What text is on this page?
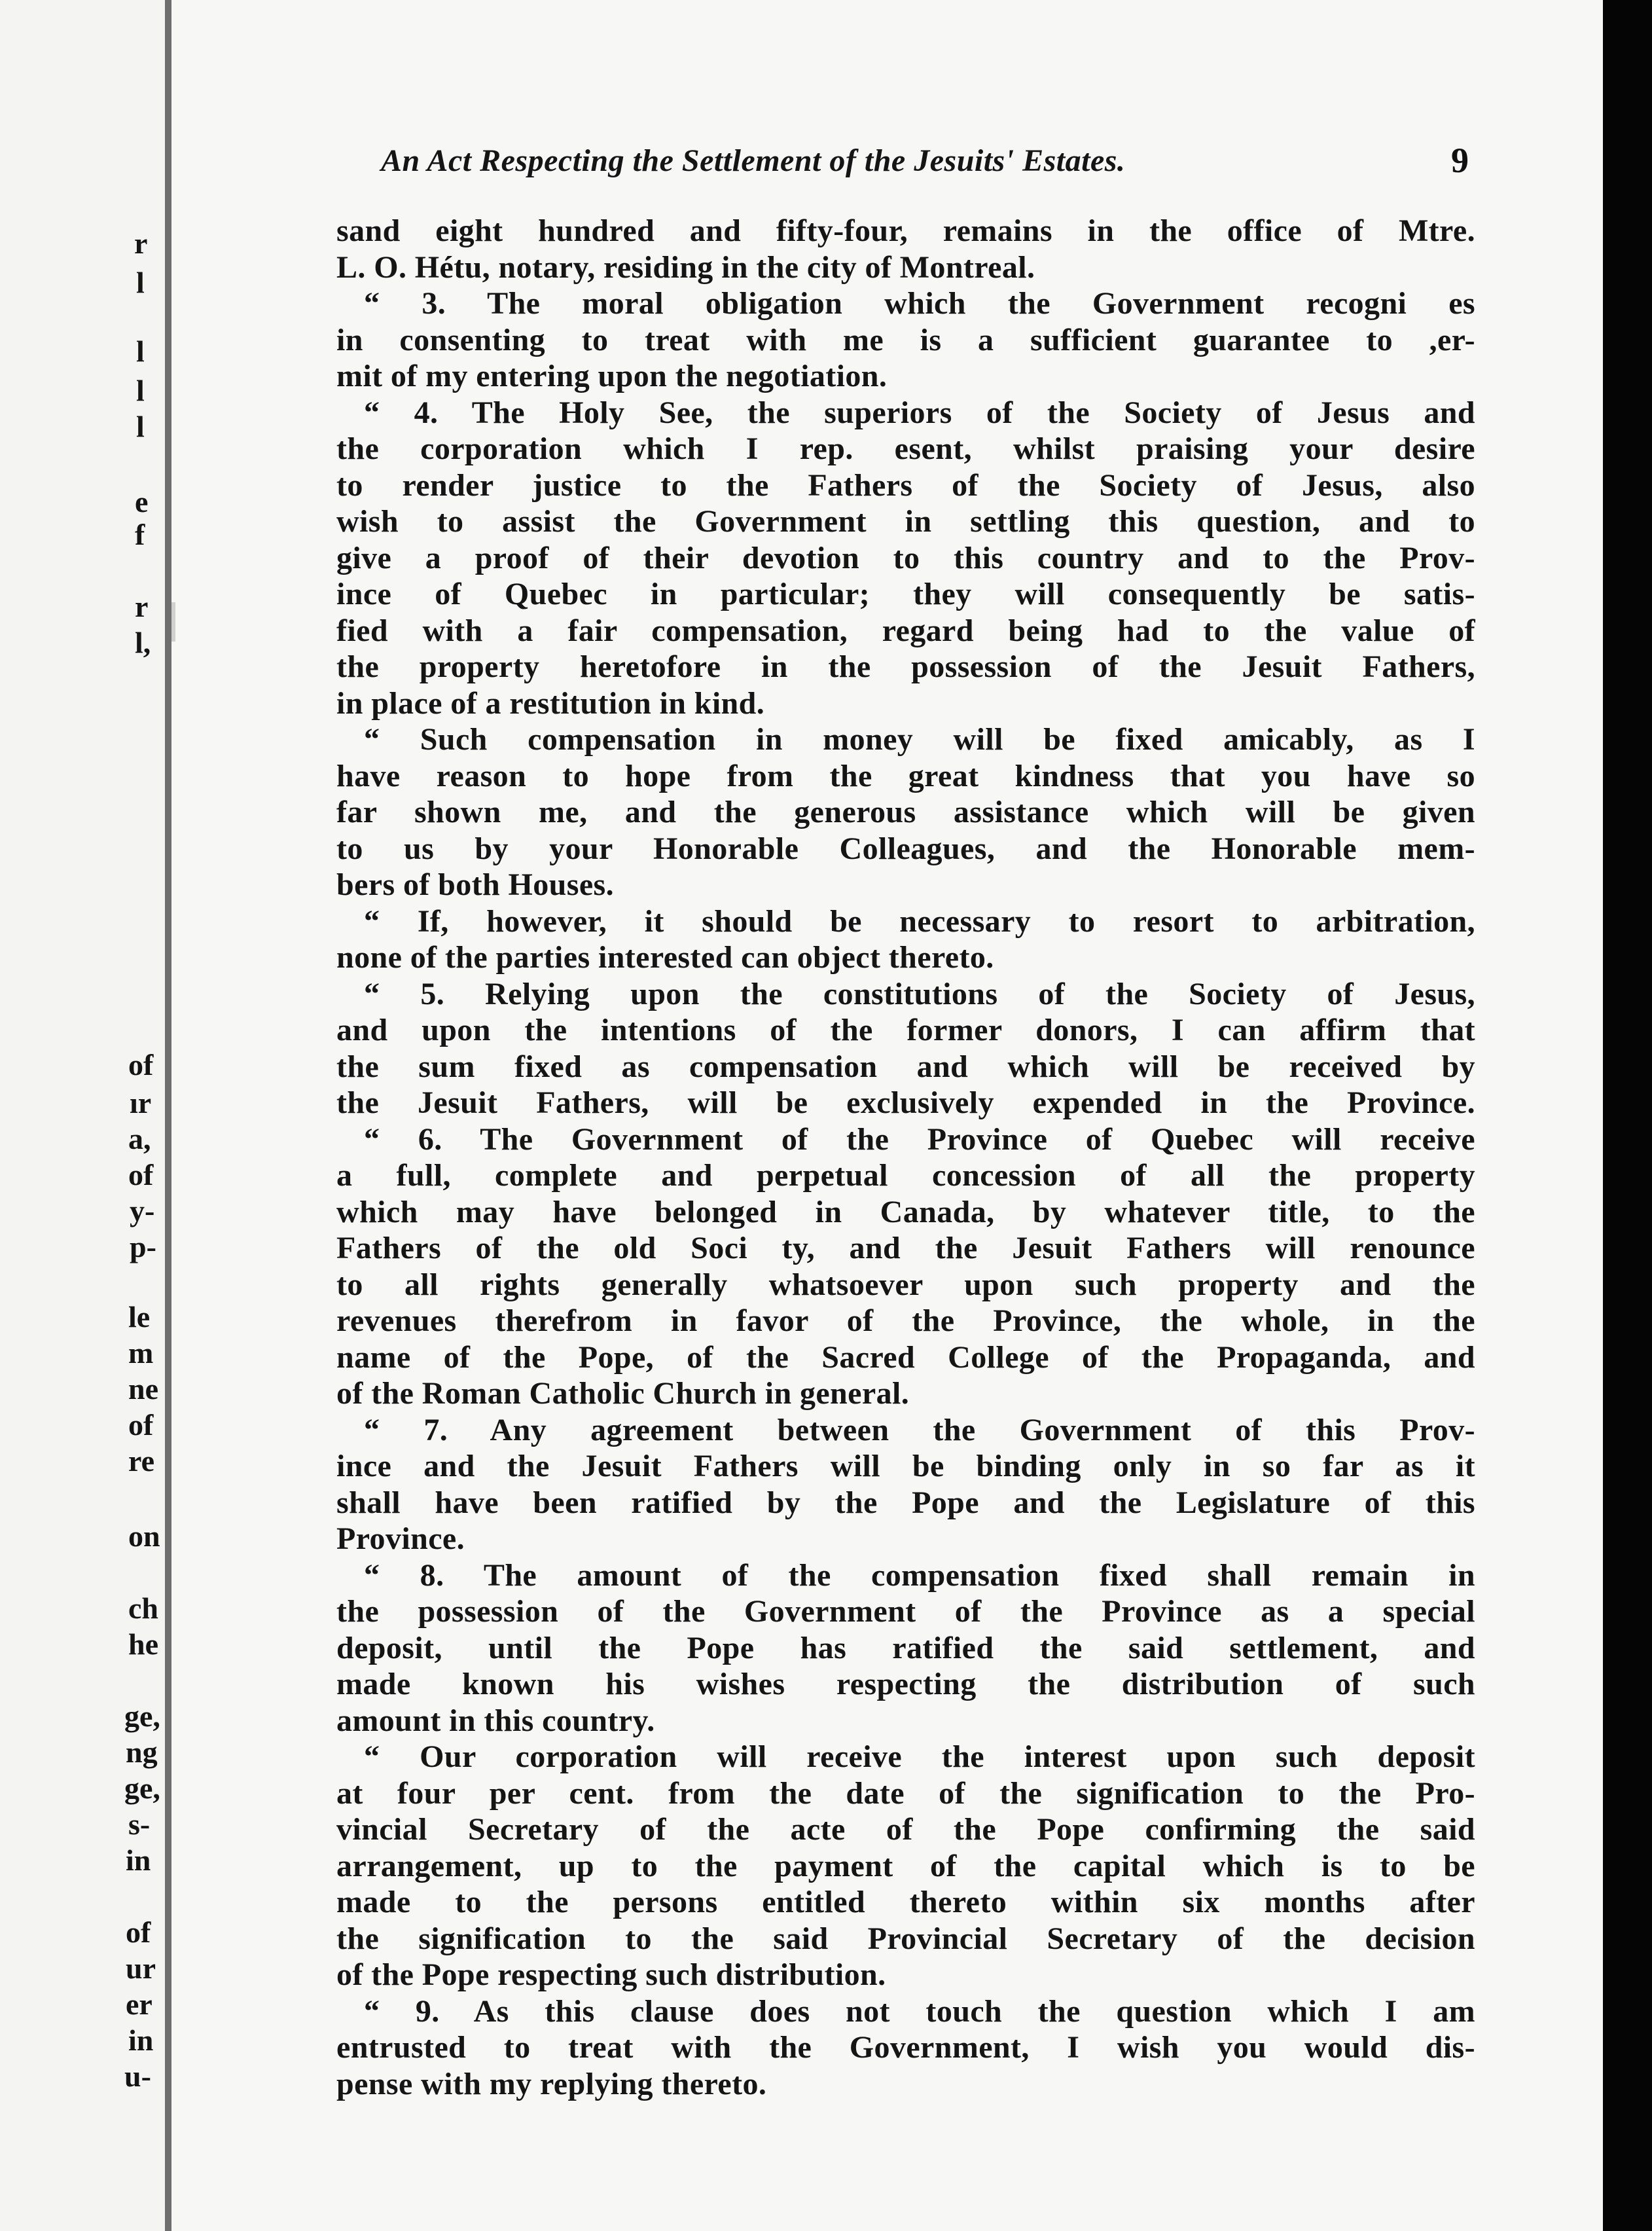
r
l
l
l
l
e
f
r
l,
of
ır
a,
of
y-
p-
le
m
ne
of
re
on
ch
he
ge,
ng
ge,
s-
in
of
ur
er
in
u-
An Act Respecting the Settlement of the Jesuits' Estates.	9
sand eight hundred and fifty-four, remains in the office of Mtre.
L. O. Hétu, notary, residing in the city of Montreal.
“ 3. The moral obligation which the Government recogni es
in consenting to treat with me is a sufficient guarantee to ,er-
mit of my entering upon the negotiation.
“ 4. The Holy See, the superiors of the Society of Jesus and
the corporation which I rep. esent, whilst praising your desire
to render justice to the Fathers of the Society of Jesus, also
wish to assist the Government in settling this question, and to
give a proof of their devotion to this country and to the Prov-
ince of Quebec in particular; they will consequently be satis-
fied with a fair compensation, regard being had to the value of
the property heretofore in the possession of the Jesuit Fathers,
in place of a restitution in kind.
“ Such compensation in money will be fixed amicably, as I
have reason to hope from the great kindness that you have so
far shown me, and the generous assistance which will be given
to us by your Honorable Colleagues, and the Honorable mem-
bers of both Houses.
“ If, however, it should be necessary to resort to arbitration,
none of the parties interested can object thereto.
“ 5. Relying upon the constitutions of the Society of Jesus,
and upon the intentions of the former donors, I can affirm that
the sum fixed as compensation and which will be received by
the Jesuit Fathers, will be exclusively expended in the Province.
“ 6. The Government of the Province of Quebec will receive
a full, complete and perpetual concession of all the property
which may have belonged in Canada, by whatever title, to the
Fathers of the old Soci ty, and the Jesuit Fathers will renounce
to all rights generally whatsoever upon such property and the
revenues therefrom in favor of the Province, the whole, in the
name of the Pope, of the Sacred College of the Propaganda, and
of the Roman Catholic Church in general.
“ 7. Any agreement between the Government of this Prov-
ince and the Jesuit Fathers will be binding only in so far as it
shall have been ratified by the Pope and the Legislature of this
Province.
“ 8. The amount of the compensation fixed shall remain in
the possession of the Government of the Province as a special
deposit, until the Pope has ratified the said settlement, and
made known his wishes respecting the distribution of such
amount in this country.
“ Our corporation will receive the interest upon such deposit
at four per cent. from the date of the signification to the Pro-
vincial Secretary of the acte of the Pope confirming the said
arrangement, up to the payment of the capital which is to be
made to the persons entitled thereto within six months after
the signification to the said Provincial Secretary of the decision
of the Pope respecting such distribution.
“ 9. As this clause does not touch the question which I am
entrusted to treat with the Government, I wish you would dis-
pense with my replying thereto.
